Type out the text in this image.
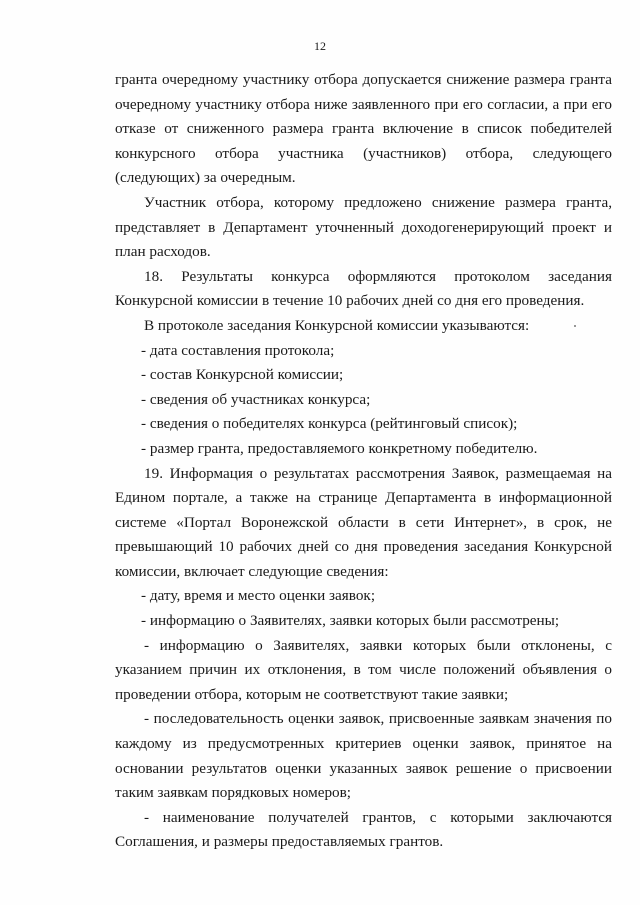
12

гранта очередному участнику отбора допускается снижение размера гранта очередному участнику отбора ниже заявленного при его согласии, а при его отказе от сниженного размера гранта включение в список победителей конкурсного отбора участника (участников) отбора, следующего (следующих) за очередным.

Участник отбора, которому предложено снижение размера гранта, представляет в Департамент уточненный доходогенерирующий проект и план расходов.

18. Результаты конкурса оформляются протоколом заседания Конкурсной комиссии в течение 10 рабочих дней со дня его проведения.

В протоколе заседания Конкурсной комиссии указываются:

- дата составления протокола;

- состав Конкурсной комиссии;

- сведения об участниках конкурса;

- сведения о победителях конкурса (рейтинговый список);

- размер гранта, предоставляемого конкретному победителю.

19. Информация о результатах рассмотрения Заявок, размещаемая на Едином портале, а также на странице Департамента в информационной системе «Портал Воронежской области в сети Интернет», в срок, не превышающий 10 рабочих дней со дня проведения заседания Конкурсной комиссии, включает следующие сведения:

- дату, время и место оценки заявок;

- информацию о Заявителях, заявки которых были рассмотрены;

- информацию о Заявителях, заявки которых были отклонены, с указанием причин их отклонения, в том числе положений объявления о проведении отбора, которым не соответствуют такие заявки;

- последовательность оценки заявок, присвоенные заявкам значения по каждому из предусмотренных критериев оценки заявок, принятое на основании результатов оценки указанных заявок решение о присвоении таким заявкам порядковых номеров;

- наименование получателей грантов, с которыми заключаются Соглашения, и размеры предоставляемых грантов.
